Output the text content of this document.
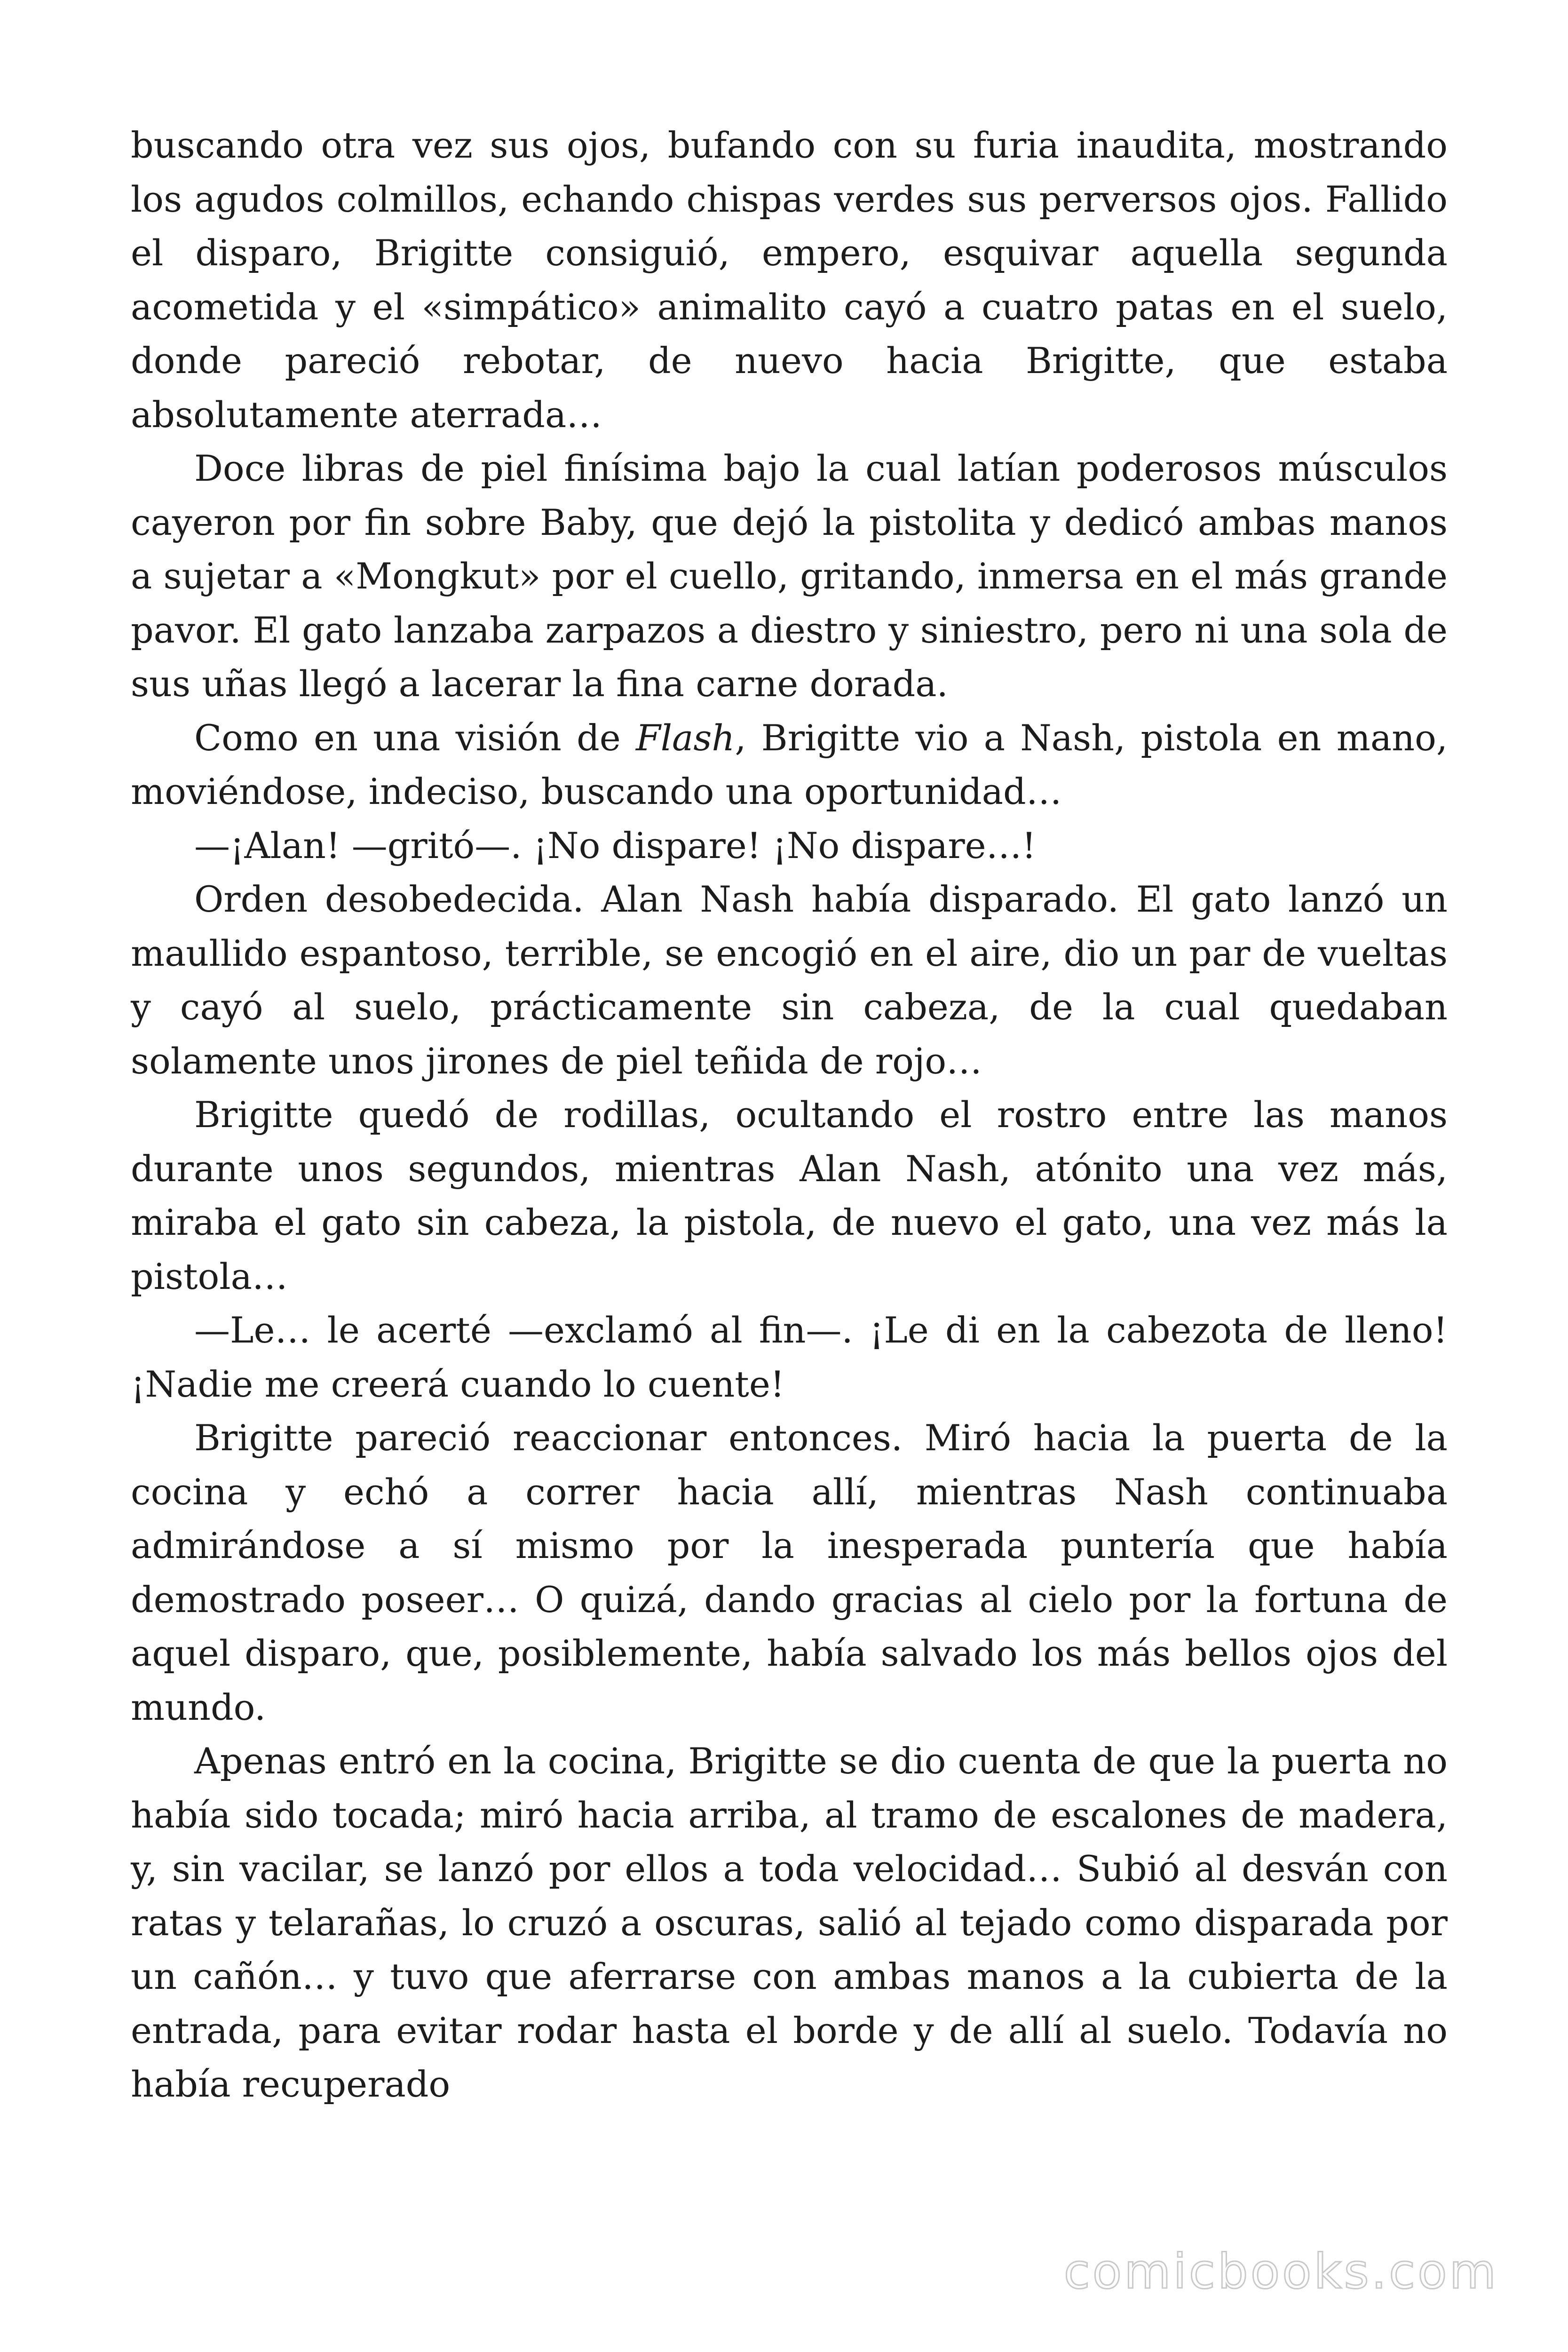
buscando otra vez sus ojos, bufando con su furia inaudita, mostrando los agudos colmillos, echando chispas verdes sus perversos ojos. Fallido el disparo, Brigitte consiguió, empero, esquivar aquella segunda acometida y el «simpático» animalito cayó a cuatro patas en el suelo, donde pareció rebotar, de nuevo hacia Brigitte, que estaba absolutamente aterrada…

Doce libras de piel finísima bajo la cual latían poderosos músculos cayeron por fin sobre Baby, que dejó la pistolita y dedicó ambas manos a sujetar a «Mongkut» por el cuello, gritando, inmersa en el más grande pavor. El gato lanzaba zarpazos a diestro y siniestro, pero ni una sola de sus uñas llegó a lacerar la fina carne dorada.

Como en una visión de Flash, Brigitte vio a Nash, pistola en mano, moviéndose, indeciso, buscando una oportunidad…

—¡Alan! —gritó—. ¡No dispare! ¡No dispare…!

Orden desobedecida. Alan Nash había disparado. El gato lanzó un maullido espantoso, terrible, se encogió en el aire, dio un par de vueltas y cayó al suelo, prácticamente sin cabeza, de la cual quedaban solamente unos jirones de piel teñida de rojo…

Brigitte quedó de rodillas, ocultando el rostro entre las manos durante unos segundos, mientras Alan Nash, atónito una vez más, miraba el gato sin cabeza, la pistola, de nuevo el gato, una vez más la pistola…

—Le… le acerté —exclamó al fin—. ¡Le di en la cabezota de lleno! ¡Nadie me creerá cuando lo cuente!

Brigitte pareció reaccionar entonces. Miró hacia la puerta de la cocina y echó a correr hacia allí, mientras Nash continuaba admirándose a sí mismo por la inesperada puntería que había demostrado poseer… O quizá, dando gracias al cielo por la fortuna de aquel disparo, que, posiblemente, había salvado los más bellos ojos del mundo.

Apenas entró en la cocina, Brigitte se dio cuenta de que la puerta no había sido tocada; miró hacia arriba, al tramo de escalones de madera, y, sin vacilar, se lanzó por ellos a toda velocidad… Subió al desván con ratas y telarañas, lo cruzó a oscuras, salió al tejado como disparada por un cañón… y tuvo que aferrarse con ambas manos a la cubierta de la entrada, para evitar rodar hasta el borde y de allí al suelo. Todavía no había recuperado

comicbooks.com
